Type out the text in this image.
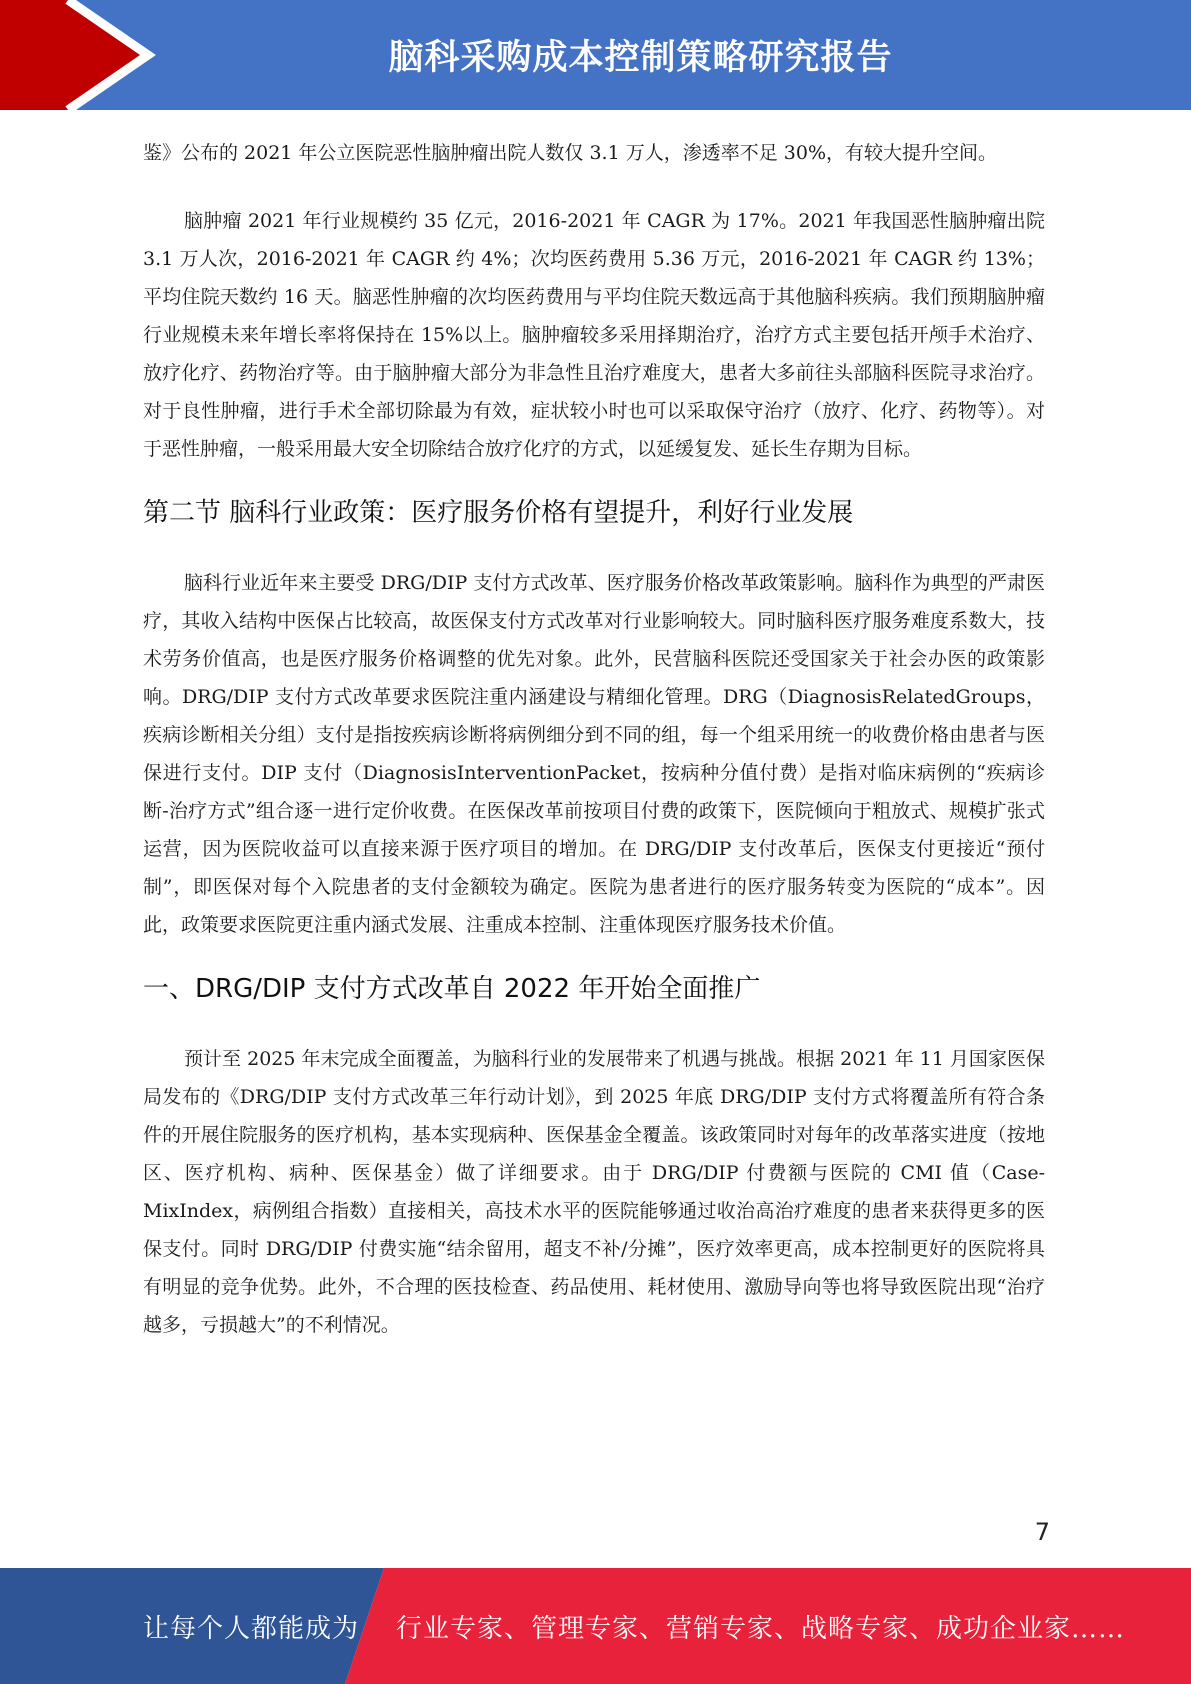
脑科采购成本控制策略研究报告

鉴》公布的 2021 年公立医院恶性脑肿瘤出院人数仅 3.1 万人，渗透率不足 30%，有较大提升空间。

脑肿瘤 2021 年行业规模约 35 亿元，2016-2021 年 CAGR 为 17%。2021 年我国恶性脑肿瘤出院 3.1 万人次，2016-2021 年 CAGR 约 4%；次均医药费用 5.36 万元，2016-2021 年 CAGR 约 13%；平均住院天数约 16 天。脑恶性肿瘤的次均医药费用与平均住院天数远高于其他脑科疾病。我们预期脑肿瘤行业规模未来年增长率将保持在 15%以上。脑肿瘤较多采用择期治疗，治疗方式主要包括开颅手术治疗、放疗化疗、药物治疗等。由于脑肿瘤大部分为非急性且治疗难度大，患者大多前往头部脑科医院寻求治疗。对于良性肿瘤，进行手术全部切除最为有效，症状较小时也可以采取保守治疗（放疗、化疗、药物等）。对于恶性肿瘤，一般采用最大安全切除结合放疗化疗的方式，以延缓复发、延长生存期为目标。

第二节 脑科行业政策：医疗服务价格有望提升，利好行业发展

脑科行业近年来主要受 DRG/DIP 支付方式改革、医疗服务价格改革政策影响。脑科作为典型的严肃医疗，其收入结构中医保占比较高，故医保支付方式改革对行业影响较大。同时脑科医疗服务难度系数大，技术劳务价值高，也是医疗服务价格调整的优先对象。此外，民营脑科医院还受国家关于社会办医的政策影响。DRG/DIP 支付方式改革要求医院注重内涵建设与精细化管理。DRG（DiagnosisRelatedGroups，疾病诊断相关分组）支付是指按疾病诊断将病例细分到不同的组，每一个组采用统一的收费价格由患者与医保进行支付。DIP 支付（DiagnosisInterventionPacket，按病种分值付费）是指对临床病例的“疾病诊断-治疗方式”组合逐一进行定价收费。在医保改革前按项目付费的政策下，医院倾向于粗放式、规模扩张式运营，因为医院收益可以直接来源于医疗项目的增加。在 DRG/DIP 支付改革后，医保支付更接近“预付制”，即医保对每个入院患者的支付金额较为确定。医院为患者进行的医疗服务转变为医院的“成本”。因此，政策要求医院更注重内涵式发展、注重成本控制、注重体现医疗服务技术价值。

一、DRG/DIP 支付方式改革自 2022 年开始全面推广

预计至 2025 年末完成全面覆盖，为脑科行业的发展带来了机遇与挑战。根据 2021 年 11 月国家医保局发布的《DRG/DIP 支付方式改革三年行动计划》，到 2025 年底 DRG/DIP 支付方式将覆盖所有符合条件的开展住院服务的医疗机构，基本实现病种、医保基金全覆盖。该政策同时对每年的改革落实进度（按地区、医疗机构、病种、医保基金）做了详细要求。由于 DRG/DIP 付费额与医院的 CMI 值（Case-MixIndex，病例组合指数）直接相关，高技术水平的医院能够通过收治高治疗难度的患者来获得更多的医保支付。同时 DRG/DIP 付费实施“结余留用，超支不补/分摊”，医疗效率更高，成本控制更好的医院将具有明显的竞争优势。此外，不合理的医技检查、药品使用、耗材使用、激励导向等也将导致医院出现“治疗越多，亏损越大”的不利情况。

7
让每个人都能成为 行业专家、管理专家、营销专家、战略专家、成功企业家……
